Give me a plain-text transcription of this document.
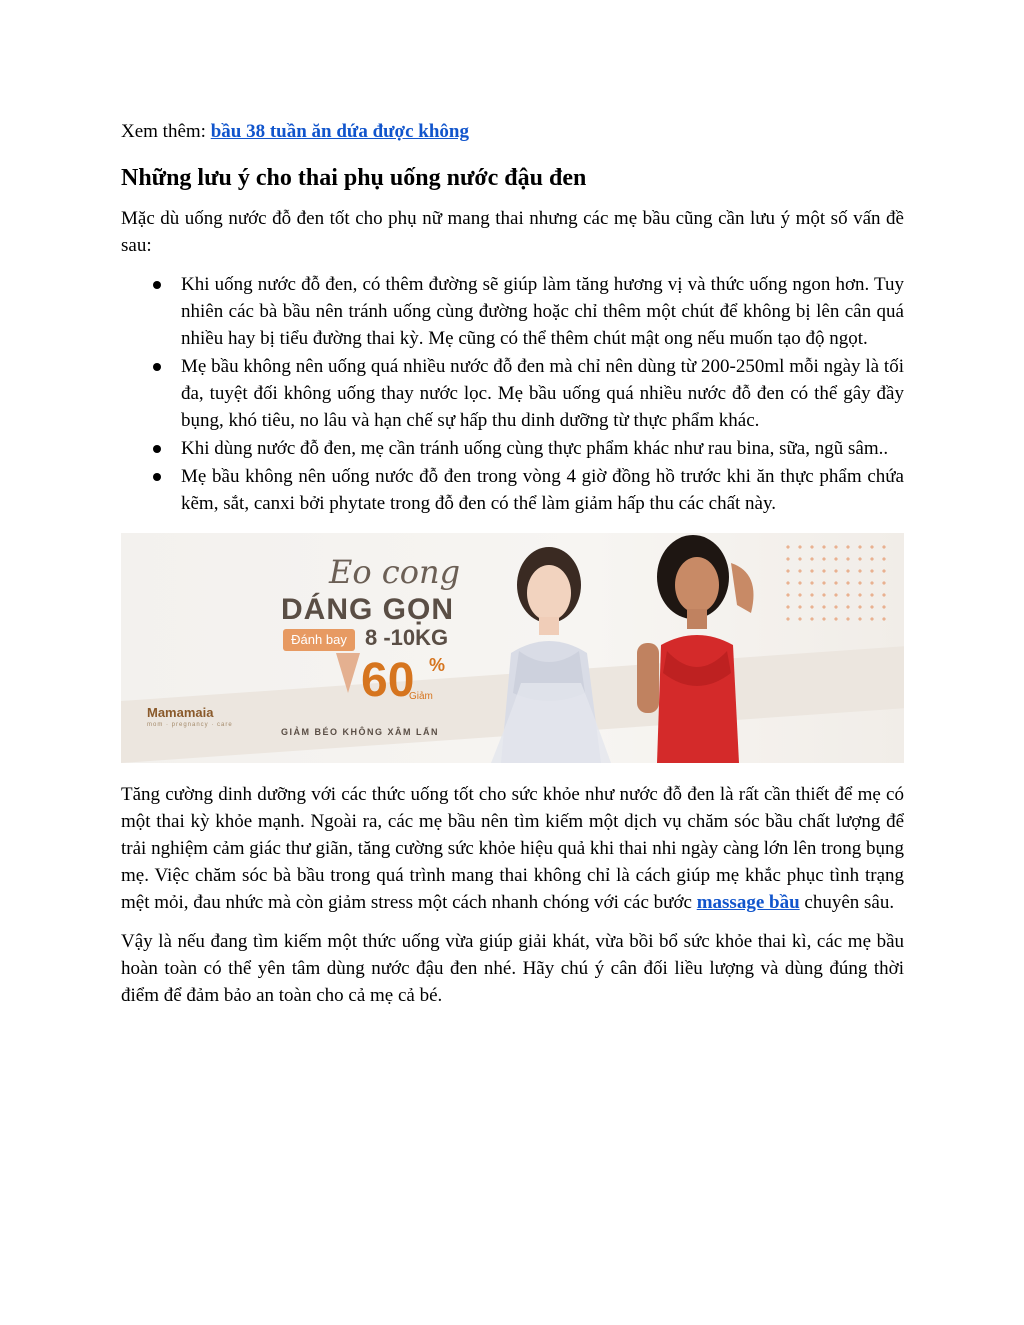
Xem thêm: bầu 38 tuần ăn dứa được không

Những lưu ý cho thai phụ uống nước đậu đen

Mặc dù uống nước đỗ đen tốt cho phụ nữ mang thai nhưng các mẹ bầu cũng cần lưu ý một số vấn đề sau:

Khi uống nước đỗ đen, có thêm đường sẽ giúp làm tăng hương vị và thức uống ngon hơn. Tuy nhiên các bà bầu nên tránh uống cùng đường hoặc chỉ thêm một chút để không bị lên cân quá nhiều hay bị tiểu đường thai kỳ. Mẹ cũng có thể thêm chút mật ong nếu muốn tạo độ ngọt.
Mẹ bầu không nên uống quá nhiều nước đỗ đen mà chỉ nên dùng từ 200-250ml mỗi ngày là tối đa, tuyệt đối không uống thay nước lọc. Mẹ bầu uống quá nhiều nước đỗ đen có thể gây đầy bụng, khó tiêu, no lâu và hạn chế sự hấp thu dinh dưỡng từ thực phẩm khác.
Khi dùng nước đỗ đen, mẹ cần tránh uống cùng thực phẩm khác như rau bina, sữa, ngũ sâm..
Mẹ bầu không nên uống nước đỗ đen trong vòng 4 giờ đồng hồ trước khi ăn thực phẩm chứa kẽm, sắt, canxi bởi phytate trong đỗ đen có thể làm giảm hấp thu các chất này.
Eo cong
DÁNG GỌN
Đánh bay 8 -10KG
60 %
Giảm
GIẢM BÉO KHÔNG XÂM LẤN
Mamamaia
mom · pregnancy · care

Tăng cường dinh dưỡng với các thức uống tốt cho sức khỏe như nước đỗ đen là rất cần thiết để mẹ có một thai kỳ khỏe mạnh. Ngoài ra, các mẹ bầu nên tìm kiếm một dịch vụ chăm sóc bầu chất lượng để trải nghiệm cảm giác thư giãn, tăng cường sức khỏe hiệu quả khi thai nhi ngày càng lớn lên trong bụng mẹ. Việc chăm sóc bà bầu trong quá trình mang thai không chỉ là cách giúp mẹ khắc phục tình trạng mệt mỏi, đau nhức mà còn giảm stress một cách nhanh chóng với các bước massage bầu chuyên sâu.

Vậy là nếu đang tìm kiếm một thức uống vừa giúp giải khát, vừa bồi bổ sức khỏe thai kì, các mẹ bầu hoàn toàn có thể yên tâm dùng nước đậu đen nhé. Hãy chú ý cân đối liều lượng và dùng đúng thời điểm để đảm bảo an toàn cho cả mẹ cả bé.
